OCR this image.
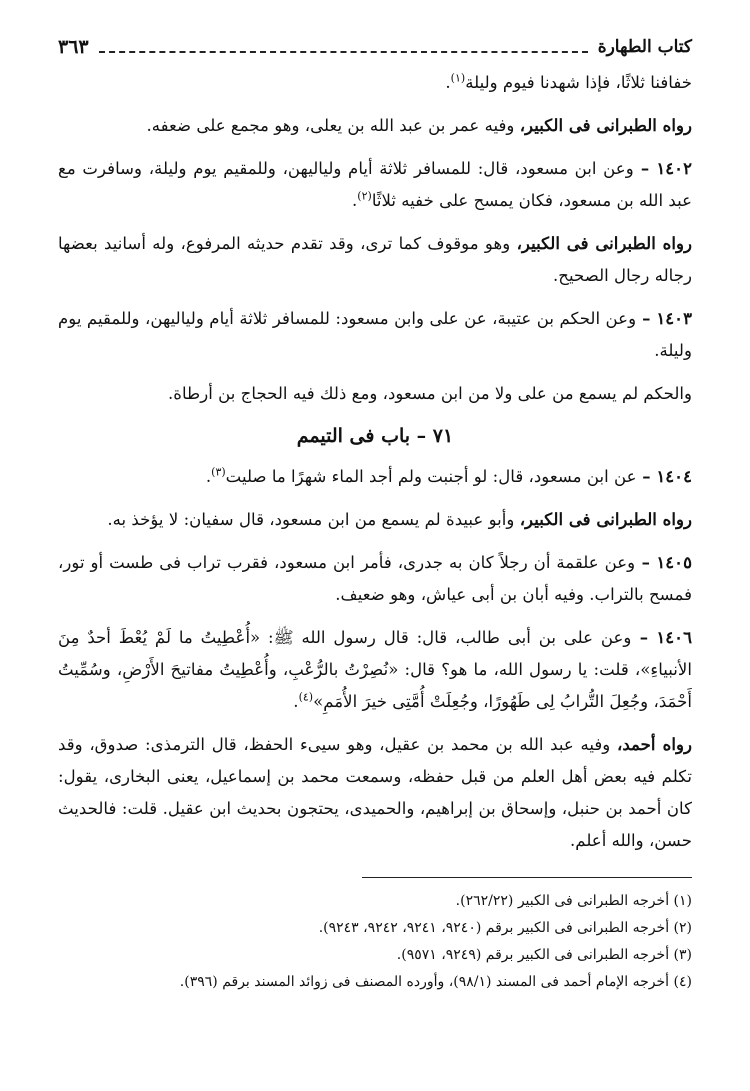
كتاب الطهارة
٣٦٣

خفافنا ثلاثًا، فإذا شهدنا فيوم وليلة$^{(١)}$.

رواه الطبرانى فى الكبير، وفيه عمر بن عبد الله بن يعلى، وهو مجمع على ضعفه.

١٤٠٢ – وعن ابن مسعود، قال: للمسافر ثلاثة أيام ولياليهن، وللمقيم يوم وليلة، وسافرت مع عبد الله بن مسعود، فكان يمسح على خفيه ثلاثًا$^{(٢)}$.

رواه الطبرانى فى الكبير، وهو موقوف كما ترى، وقد تقدم حديثه المرفوع، وله أسانيد بعضها رجاله رجال الصحيح.

١٤٠٣ – وعن الحكم بن عتيبة، عن على وابن مسعود: للمسافر ثلاثة أيام ولياليهن، وللمقيم يوم وليلة.

والحكم لم يسمع من على ولا من ابن مسعود، ومع ذلك فيه الحجاج بن أرطاة.

٧١ – باب فى التيمم

١٤٠٤ – عن ابن مسعود، قال: لو أجنبت ولم أجد الماء شهرًا ما صليت$^{(٣)}$.

رواه الطبرانى فى الكبير، وأبو عبيدة لم يسمع من ابن مسعود، قال سفيان: لا يؤخذ به.

١٤٠٥ – وعن علقمة أن رجلاً كان به جدرى، فأمر ابن مسعود، فقرب تراب فى طست أو تور، فمسح بالتراب. وفيه أبان بن أبى عياش، وهو ضعيف.

١٤٠٦ – وعن على بن أبى طالب، قال: قال رسول الله ﷺ: «أُعْطِيتُ ما لَمْ يُعْطَ أحدٌ مِنَ الأنبياءِ»، قلت: يا رسول الله، ما هو؟ قال: «نُصِرْتُ بالرُّعْبِ، وأُعْطِيتُ مفاتيحَ الأَرْضِ، وسُمِّيتُ أَحْمَدَ، وجُعِلَ التُّرابُ لِى طَهُورًا، وجُعِلَتْ أُمَّتِى خيرَ الأُمَمِ»$^{(٤)}$.

رواه أحمد، وفيه عبد الله بن محمد بن عقيل، وهو سيىء الحفظ، قال الترمذى: صدوق، وقد تكلم فيه بعض أهل العلم من قبل حفظه، وسمعت محمد بن إسماعيل، يعنى البخارى، يقول: كان أحمد بن حنبل، وإسحاق بن إبراهيم، والحميدى، يحتجون بحديث ابن عقيل. قلت: فالحديث حسن، والله أعلم.

(١) أخرجه الطبرانى فى الكبير (٢٦٢/٢٢).
(٢) أخرجه الطبرانى فى الكبير برقم (٩٢٤٠، ٩٢٤١، ٩٢٤٢، ٩٢٤٣).
(٣) أخرجه الطبرانى فى الكبير برقم (٩٢٤٩، ٩٥٧١).
(٤) أخرجه الإمام أحمد فى المسند (٩٨/١)، وأورده المصنف فى زوائد المسند برقم (٣٩٦).
